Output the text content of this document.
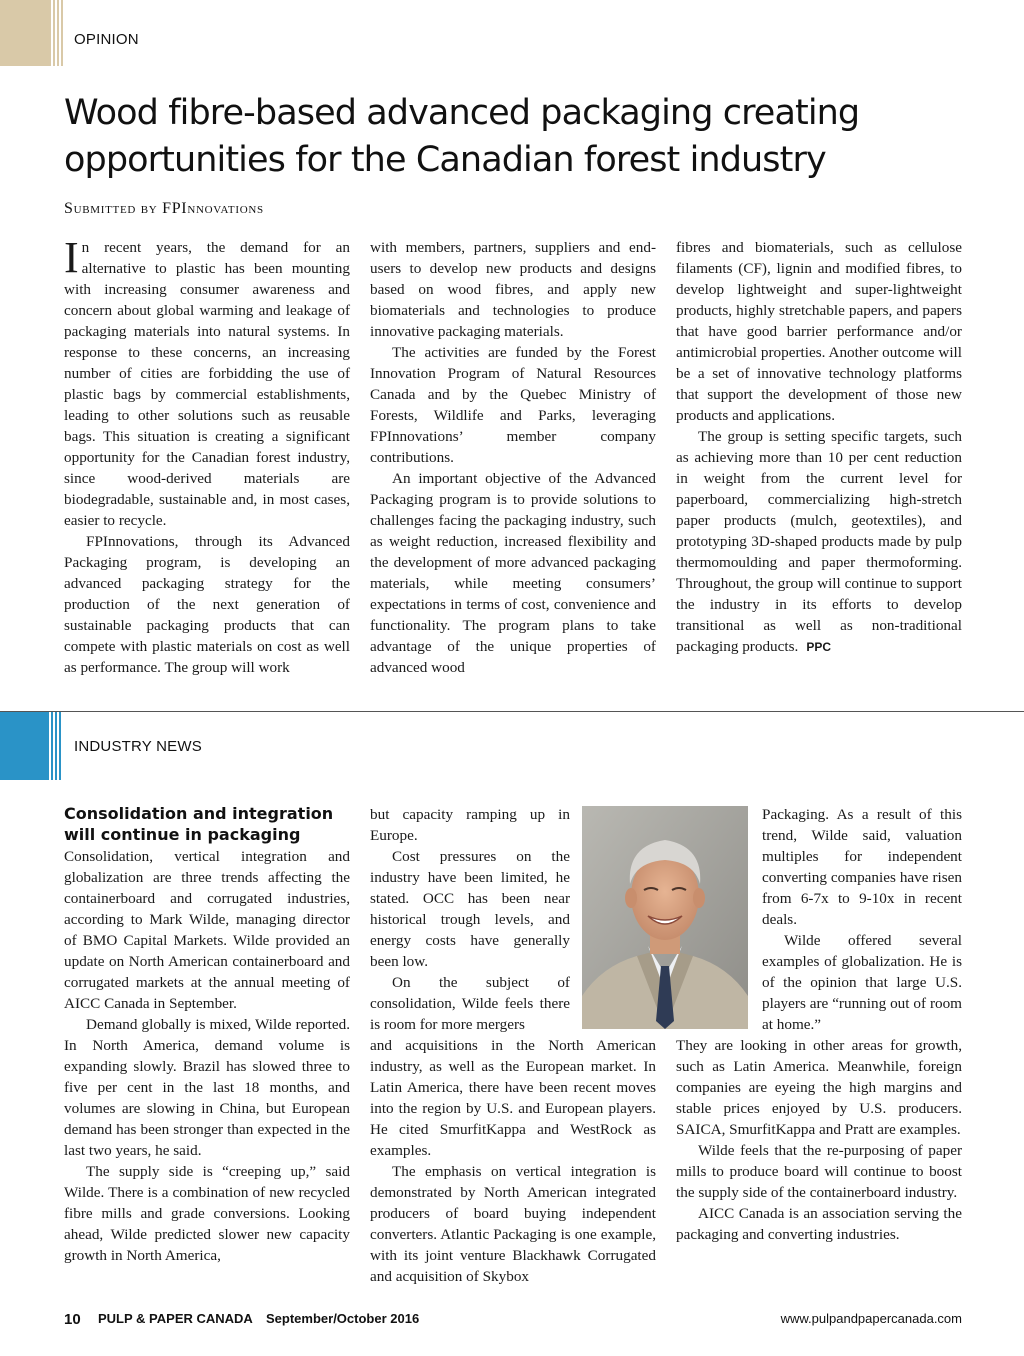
OPINION
Wood fibre-based advanced packaging creating opportunities for the Canadian forest industry
Submitted by FPInnovations

In recent years, the demand for an alternative to plastic has been mounting with increasing consumer awareness and concern about global warming and leakage of packaging materials into natural systems. In response to these concerns, an increasing number of cities are forbidding the use of plastic bags by commercial establishments, leading to other solutions such as reusable bags. This situation is creating a significant opportunity for the Canadian forest industry, since wood-derived materials are biodegradable, sustainable and, in most cases, easier to recycle.

FPInnovations, through its Advanced Packaging program, is developing an advanced packaging strategy for the production of the next generation of sustainable packaging products that can compete with plastic materials on cost as well as performance. The group will work

with members, partners, suppliers and end-users to develop new products and designs based on wood fibres, and apply new biomaterials and technologies to produce innovative packaging materials.

The activities are funded by the Forest Innovation Program of Natural Resources Canada and by the Quebec Ministry of Forests, Wildlife and Parks, leveraging FPInnovations’ member company contributions.

An important objective of the Advanced Packaging program is to provide solutions to challenges facing the packaging industry, such as weight reduction, increased flexibility and the development of more advanced packaging materials, while meeting consumers’ expectations in terms of cost, convenience and functionality. The program plans to take advantage of the unique properties of advanced wood

fibres and biomaterials, such as cellulose filaments (CF), lignin and modified fibres, to develop lightweight and super-lightweight products, highly stretchable papers, and papers that have good barrier performance and/or antimicrobial properties. Another outcome will be a set of innovative technology platforms that support the development of those new products and applications.

The group is setting specific targets, such as achieving more than 10 per cent reduction in weight from the current level for paperboard, commercializing high-stretch paper products (mulch, geotextiles), and prototyping 3D-shaped products made by pulp thermomoulding and paper thermoforming. Throughout, the group will continue to support the industry in its efforts to develop transitional as well as non-traditional packaging products. PPC

INDUSTRY NEWS
Consolidation and integration will continue in packaging

Consolidation, vertical integration and globalization are three trends affecting the containerboard and corrugated industries, according to Mark Wilde, managing director of BMO Capital Markets. Wilde provided an update on North American containerboard and corrugated markets at the annual meeting of AICC Canada in September.

Demand globally is mixed, Wilde reported. In North America, demand volume is expanding slowly. Brazil has slowed three to five per cent in the last 18 months, and volumes are slowing in China, but European demand has been stronger than expected in the last two years, he said.

The supply side is “creeping up,” said Wilde. There is a combination of new recycled fibre mills and grade conversions. Looking ahead, Wilde predicted slower new capacity growth in North America,

but capacity ramping up in Europe.

Cost pressures on the industry have been limited, he stated. OCC has been near historical trough levels, and energy costs have generally been low.

On the subject of consolidation, Wilde feels there is room for more mergers

and acquisitions in the North American industry, as well as the European market. In Latin America, there have been recent moves into the region by U.S. and European players. He cited SmurfitKappa and WestRock as examples.

The emphasis on vertical integration is demonstrated by North American integrated producers of board buying independent converters. Atlantic Packaging is one example, with its joint venture Blackhawk Corrugated and acquisition of Skybox

Packaging. As a result of this trend, Wilde said, valuation multiples for independent converting companies have risen from 6-7x to 9-10x in recent deals.

Wilde offered several examples of globalization. He is of the opinion that large U.S. players are “running out of room at home.”

They are looking in other areas for growth, such as Latin America. Meanwhile, foreign companies are eyeing the high margins and stable prices enjoyed by U.S. producers. SAICA, SmurfitKappa and Pratt are examples.

Wilde feels that the re-purposing of paper mills to produce board will continue to boost the supply side of the containerboard industry.

AICC Canada is an association serving the packaging and converting industries.

10 PULP & PAPER CANADA September/October 2016	www.pulpandpapercanada.com
